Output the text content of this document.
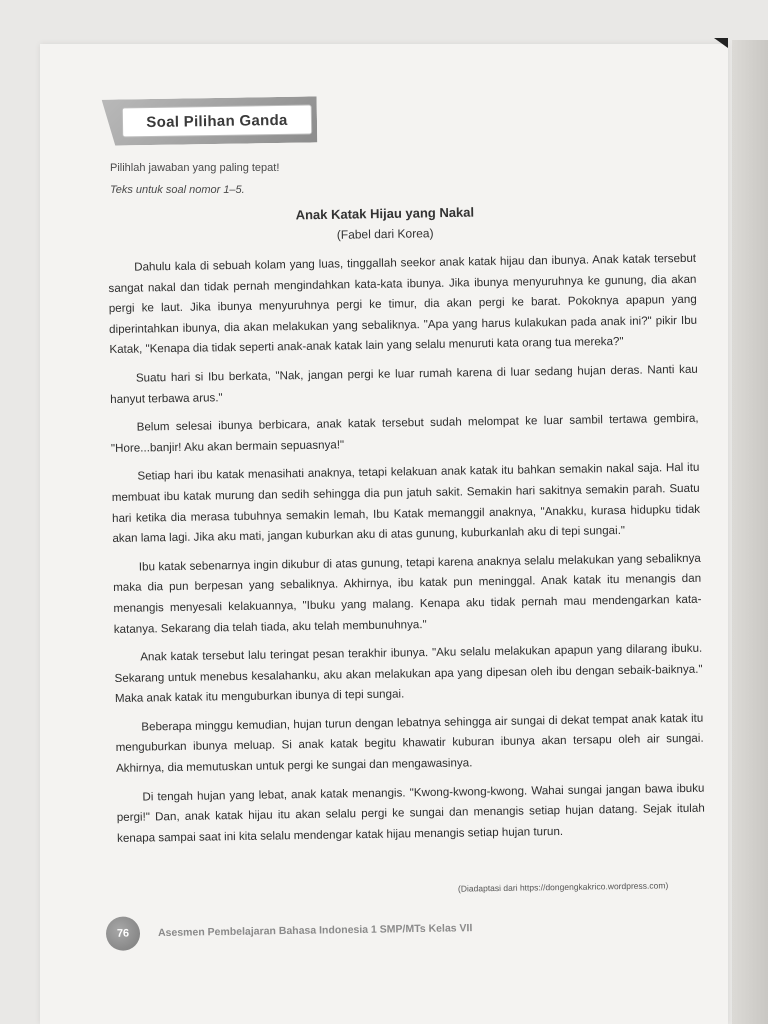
Soal Pilihan Ganda
Pilihlah jawaban yang paling tepat!
Teks untuk soal nomor 1–5.
Anak Katak Hijau yang Nakal
(Fabel dari Korea)

Dahulu kala di sebuah kolam yang luas, tinggallah seekor anak katak hijau dan ibunya. Anak katak tersebut sangat nakal dan tidak pernah mengindahkan kata-kata ibunya. Jika ibunya menyuruhnya ke gunung, dia akan pergi ke laut. Jika ibunya menyuruhnya pergi ke timur, dia akan pergi ke barat. Pokoknya apapun yang diperintahkan ibunya, dia akan melakukan yang sebaliknya. "Apa yang harus kulakukan pada anak ini?" pikir Ibu Katak, "Kenapa dia tidak seperti anak-anak katak lain yang selalu menuruti kata orang tua mereka?"

Suatu hari si Ibu berkata, "Nak, jangan pergi ke luar rumah karena di luar sedang hujan deras. Nanti kau hanyut terbawa arus."

Belum selesai ibunya berbicara, anak katak tersebut sudah melompat ke luar sambil tertawa gembira, "Hore...banjir! Aku akan bermain sepuasnya!"

Setiap hari ibu katak menasihati anaknya, tetapi kelakuan anak katak itu bahkan semakin nakal saja. Hal itu membuat ibu katak murung dan sedih sehingga dia pun jatuh sakit. Semakin hari sakitnya semakin parah. Suatu hari ketika dia merasa tubuhnya semakin lemah, Ibu Katak memanggil anaknya, "Anakku, kurasa hidupku tidak akan lama lagi. Jika aku mati, jangan kuburkan aku di atas gunung, kuburkanlah aku di tepi sungai."

Ibu katak sebenarnya ingin dikubur di atas gunung, tetapi karena anaknya selalu melakukan yang sebaliknya maka dia pun berpesan yang sebaliknya. Akhirnya, ibu katak pun meninggal. Anak katak itu menangis dan menangis menyesali kelakuannya, "Ibuku yang malang. Kenapa aku tidak pernah mau mendengarkan kata-katanya. Sekarang dia telah tiada, aku telah membunuhnya."

Anak katak tersebut lalu teringat pesan terakhir ibunya. "Aku selalu melakukan apapun yang dilarang ibuku. Sekarang untuk menebus kesalahanku, aku akan melakukan apa yang dipesan oleh ibu dengan sebaik-baiknya." Maka anak katak itu menguburkan ibunya di tepi sungai.

Beberapa minggu kemudian, hujan turun dengan lebatnya sehingga air sungai di dekat tempat anak katak itu menguburkan ibunya meluap. Si anak katak begitu khawatir kuburan ibunya akan tersapu oleh air sungai. Akhirnya, dia memutuskan untuk pergi ke sungai dan mengawasinya.

Di tengah hujan yang lebat, anak katak menangis. "Kwong-kwong-kwong. Wahai sungai jangan bawa ibuku pergi!" Dan, anak katak hijau itu akan selalu pergi ke sungai dan menangis setiap hujan datang. Sejak itulah kenapa sampai saat ini kita selalu mendengar katak hijau menangis setiap hujan turun.

(Diadaptasi dari https://dongengkakrico.wordpress.com)
76	Asesmen Pembelajaran Bahasa Indonesia 1 SMP/MTs Kelas VII
